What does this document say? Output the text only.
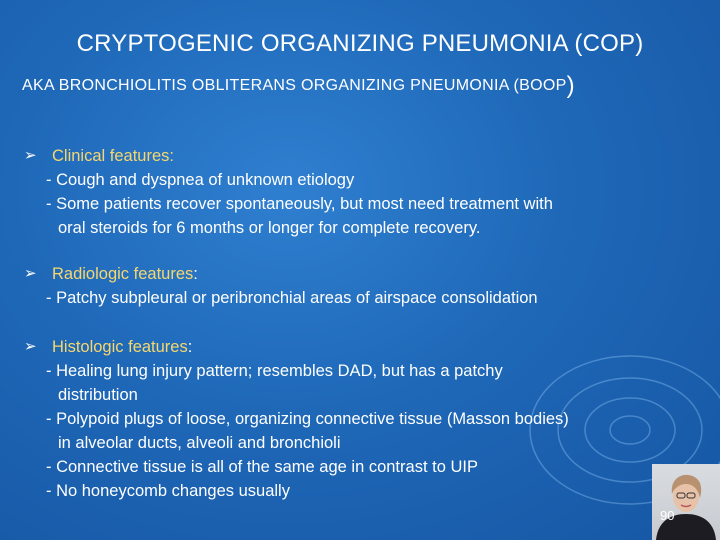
CRYPTOGENIC ORGANIZING PNEUMONIA (COP)
AKA BRONCHIOLITIS OBLITERANS ORGANIZING PNEUMONIA (BOOP)
➢ Clinical features :
- Cough and dyspnea of unknown etiology
- Some patients recover spontaneously, but most need treatment with
oral steroids for 6 months or longer for complete recovery.
➢ Radiologic features :
- Patchy subpleural or peribronchial areas of airspace consolidation
➢ Histologic features :
- Healing lung injury pattern; resembles DAD, but has a patchy
distribution
- Polypoid plugs of loose, organizing connective tissue (Masson bodies)
in alveolar ducts, alveoli and bronchioli
- Connective tissue is all of the same age in contrast to UIP
- No honeycomb changes usually
90
